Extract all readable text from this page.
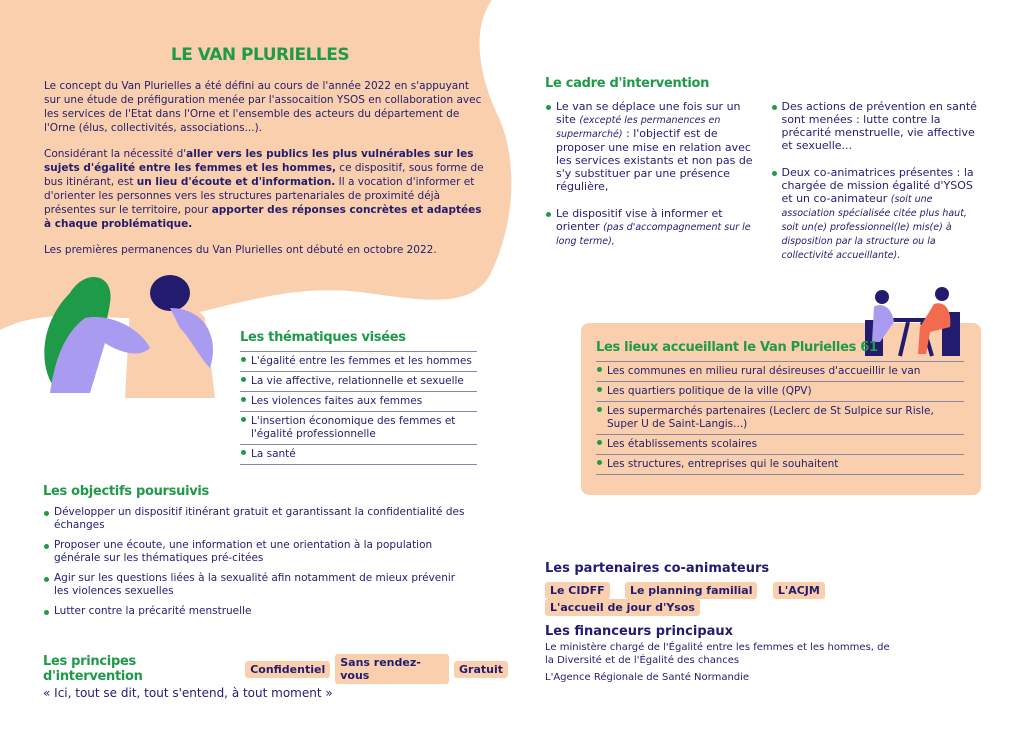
LE VAN PLURIELLES

Le concept du Van Plurielles a été défini au cours de l'année 2022 en s'appuyant sur une étude de préfiguration menée par l'assocaition YSOS en collaboration avec les services de l'Etat dans l'Orne et l'ensemble des acteurs du département de l'Orne (élus, collectivités, associations...).

Considérant la nécessité d'aller vers les publics les plus vulnérables sur les sujets d'égalité entre les femmes et les hommes, ce dispositif, sous forme de bus itinérant, est un lieu d'écoute et d'information. Il a vocation d'informer et d'orienter les personnes vers les structures partenariales de proximité déjà présentes sur le territoire, pour apporter des réponses concrètes et adaptées à chaque problématique.

Les premières permanences du Van Plurielles ont débuté en octobre 2022.

Les thématiques visées
L'égalité entre les femmes et les hommes
La vie affective, relationnelle et sexuelle
Les violences faites aux femmes
L'insertion économique des femmes et l'égalité professionnelle
La santé
Les objectifs poursuivis
Développer un dispositif itinérant gratuit et garantissant la confidentialité des échanges
Proposer une écoute, une information et une orientation à la population générale sur les thématiques pré-citées
Agir sur les questions liées à la sexualité afin notamment de mieux prévenir les violences sexuelles
Lutter contre la précarité menstruelle
Les principes d'intervention	Confidentiel	Sans rendez-vous	Gratuit
« Ici, tout se dit, tout s'entend, à tout moment »
Le cadre d'intervention
Le van se déplace une fois sur un site (excepté les permanences en supermarché) : l'objectif est de proposer une mise en relation avec les services existants et non pas de s'y substituer par une présence régulière,
Le dispositif vise à informer et orienter (pas d'accompagnement sur le long terme),
Des actions de prévention en santé sont menées : lutte contre la précarité menstruelle, vie affective et sexuelle...
Deux co-animatrices présentes : la chargée de mission égalité d'YSOS et un co-animateur (soit une association spécialisée citée plus haut, soit un(e) professionnel(le) mis(e) à disposition par la structure ou la collectivité accueillante).
Les lieux accueillant le Van Plurielles 61
Les communes en milieu rural désireuses d'accueillir le van
Les quartiers politique de la ville (QPV)
Les supermarchés partenaires (Leclerc de St Sulpice sur Risle, Super U de Saint-Langis...)
Les établissements scolaires
Les structures, entreprises qui le souhaitent
Les partenaires co-animateurs
Le CIDFF Le planning familial L'ACJM L'accueil de jour d'Ysos
Les financeurs principaux

Le ministère chargé de l'Égalité entre les femmes et les hommes, de la Diversité et de l'Égalité des chances

L'Agence Régionale de Santé Normandie
